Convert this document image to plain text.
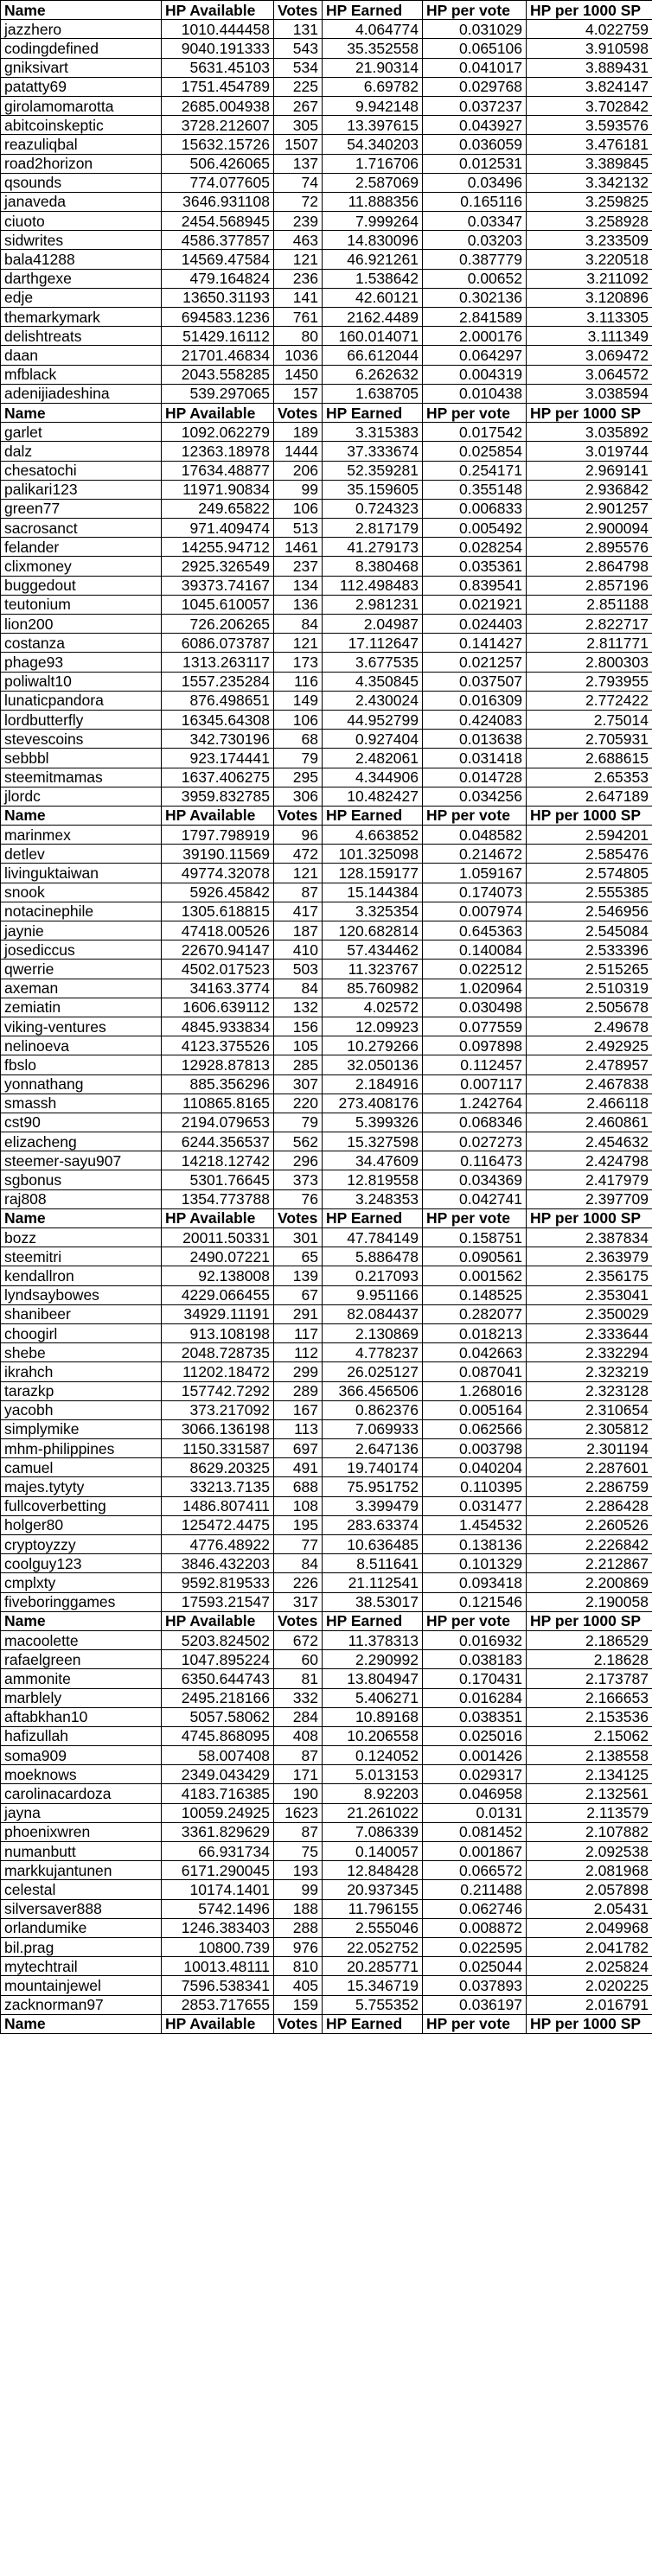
Name	HP Available	Votes	HP Earned	HP per vote	HP per 1000 SP
jazzhero	1010.444458	131	4.064774	0.031029	4.022759
codingdefined	9040.191333	543	35.352558	0.065106	3.910598
gniksivart	5631.45103	534	21.90314	0.041017	3.889431
patatty69	1751.454789	225	6.69782	0.029768	3.824147
girolamomarotta	2685.004938	267	9.942148	0.037237	3.702842
abitcoinskeptic	3728.212607	305	13.397615	0.043927	3.593576
reazuliqbal	15632.15726	1507	54.340203	0.036059	3.476181
road2horizon	506.426065	137	1.716706	0.012531	3.389845
qsounds	774.077605	74	2.587069	0.03496	3.342132
janaveda	3646.931108	72	11.888356	0.165116	3.259825
ciuoto	2454.568945	239	7.999264	0.03347	3.258928
sidwrites	4586.377857	463	14.830096	0.03203	3.233509
bala41288	14569.47584	121	46.921261	0.387779	3.220518
darthgexe	479.164824	236	1.538642	0.00652	3.211092
edje	13650.31193	141	42.60121	0.302136	3.120896
themarkymark	694583.1236	761	2162.4489	2.841589	3.113305
delishtreats	51429.16112	80	160.014071	2.000176	3.111349
daan	21701.46834	1036	66.612044	0.064297	3.069472
mfblack	2043.558285	1450	6.262632	0.004319	3.064572
adenijiadeshina	539.297065	157	1.638705	0.010438	3.038594
Name	HP Available	Votes	HP Earned	HP per vote	HP per 1000 SP
garlet	1092.062279	189	3.315383	0.017542	3.035892
dalz	12363.18978	1444	37.333674	0.025854	3.019744
chesatochi	17634.48877	206	52.359281	0.254171	2.969141
palikari123	11971.90834	99	35.159605	0.355148	2.936842
green77	249.65822	106	0.724323	0.006833	2.901257
sacrosanct	971.409474	513	2.817179	0.005492	2.900094
felander	14255.94712	1461	41.279173	0.028254	2.895576
clixmoney	2925.326549	237	8.380468	0.035361	2.864798
buggedout	39373.74167	134	112.498483	0.839541	2.857196
teutonium	1045.610057	136	2.981231	0.021921	2.851188
lion200	726.206265	84	2.04987	0.024403	2.822717
costanza	6086.073787	121	17.112647	0.141427	2.811771
phage93	1313.263117	173	3.677535	0.021257	2.800303
poliwalt10	1557.235284	116	4.350845	0.037507	2.793955
lunaticpandora	876.498651	149	2.430024	0.016309	2.772422
lordbutterfly	16345.64308	106	44.952799	0.424083	2.75014
stevescoins	342.730196	68	0.927404	0.013638	2.705931
sebbbl	923.174441	79	2.482061	0.031418	2.688615
steemitmamas	1637.406275	295	4.344906	0.014728	2.65353
jlordc	3959.832785	306	10.482427	0.034256	2.647189
Name	HP Available	Votes	HP Earned	HP per vote	HP per 1000 SP
marinmex	1797.798919	96	4.663852	0.048582	2.594201
detlev	39190.11569	472	101.325098	0.214672	2.585476
livinguktaiwan	49774.32078	121	128.159177	1.059167	2.574805
snook	5926.45842	87	15.144384	0.174073	2.555385
notacinephile	1305.618815	417	3.325354	0.007974	2.546956
jaynie	47418.00526	187	120.682814	0.645363	2.545084
josediccus	22670.94147	410	57.434462	0.140084	2.533396
qwerrie	4502.017523	503	11.323767	0.022512	2.515265
axeman	34163.3774	84	85.760982	1.020964	2.510319
zemiatin	1606.639112	132	4.02572	0.030498	2.505678
viking-ventures	4845.933834	156	12.09923	0.077559	2.49678
nelinoeva	4123.375526	105	10.279266	0.097898	2.492925
fbslo	12928.87813	285	32.050136	0.112457	2.478957
yonnathang	885.356296	307	2.184916	0.007117	2.467838
smassh	110865.8165	220	273.408176	1.242764	2.466118
cst90	2194.079653	79	5.399326	0.068346	2.460861
elizacheng	6244.356537	562	15.327598	0.027273	2.454632
steemer-sayu907	14218.12742	296	34.47609	0.116473	2.424798
sgbonus	5301.76645	373	12.819558	0.034369	2.417979
raj808	1354.773788	76	3.248353	0.042741	2.397709
Name	HP Available	Votes	HP Earned	HP per vote	HP per 1000 SP
bozz	20011.50331	301	47.784149	0.158751	2.387834
steemitri	2490.07221	65	5.886478	0.090561	2.363979
kendallron	92.138008	139	0.217093	0.001562	2.356175
lyndsaybowes	4229.066455	67	9.951166	0.148525	2.353041
shanibeer	34929.11191	291	82.084437	0.282077	2.350029
choogirl	913.108198	117	2.130869	0.018213	2.333644
shebe	2048.728735	112	4.778237	0.042663	2.332294
ikrahch	11202.18472	299	26.025127	0.087041	2.323219
tarazkp	157742.7292	289	366.456506	1.268016	2.323128
yacobh	373.217092	167	0.862376	0.005164	2.310654
simplymike	3066.136198	113	7.069933	0.062566	2.305812
mhm-philippines	1150.331587	697	2.647136	0.003798	2.301194
camuel	8629.20325	491	19.740174	0.040204	2.287601
majes.tytyty	33213.7135	688	75.951752	0.110395	2.286759
fullcoverbetting	1486.807411	108	3.399479	0.031477	2.286428
holger80	125472.4475	195	283.63374	1.454532	2.260526
cryptoyzzy	4776.48922	77	10.636485	0.138136	2.226842
coolguy123	3846.432203	84	8.511641	0.101329	2.212867
cmplxty	9592.819533	226	21.112541	0.093418	2.200869
fiveboringgames	17593.21547	317	38.53017	0.121546	2.190058
Name	HP Available	Votes	HP Earned	HP per vote	HP per 1000 SP
macoolette	5203.824502	672	11.378313	0.016932	2.186529
rafaelgreen	1047.895224	60	2.290992	0.038183	2.18628
ammonite	6350.644743	81	13.804947	0.170431	2.173787
marblely	2495.218166	332	5.406271	0.016284	2.166653
aftabkhan10	5057.58062	284	10.89168	0.038351	2.153536
hafizullah	4745.868095	408	10.206558	0.025016	2.15062
soma909	58.007408	87	0.124052	0.001426	2.138558
moeknows	2349.043429	171	5.013153	0.029317	2.134125
carolinacardoza	4183.716385	190	8.92203	0.046958	2.132561
jayna	10059.24925	1623	21.261022	0.0131	2.113579
phoenixwren	3361.829629	87	7.086339	0.081452	2.107882
numanbutt	66.931734	75	0.140057	0.001867	2.092538
markkujantunen	6171.290045	193	12.848428	0.066572	2.081968
celestal	10174.1401	99	20.937345	0.211488	2.057898
silversaver888	5742.1496	188	11.796155	0.062746	2.05431
orlandumike	1246.383403	288	2.555046	0.008872	2.049968
bil.prag	10800.739	976	22.052752	0.022595	2.041782
mytechtrail	10013.48111	810	20.285771	0.025044	2.025824
mountainjewel	7596.538341	405	15.346719	0.037893	2.020225
zacknorman97	2853.717655	159	5.755352	0.036197	2.016791
Name	HP Available	Votes	HP Earned	HP per vote	HP per 1000 SP
